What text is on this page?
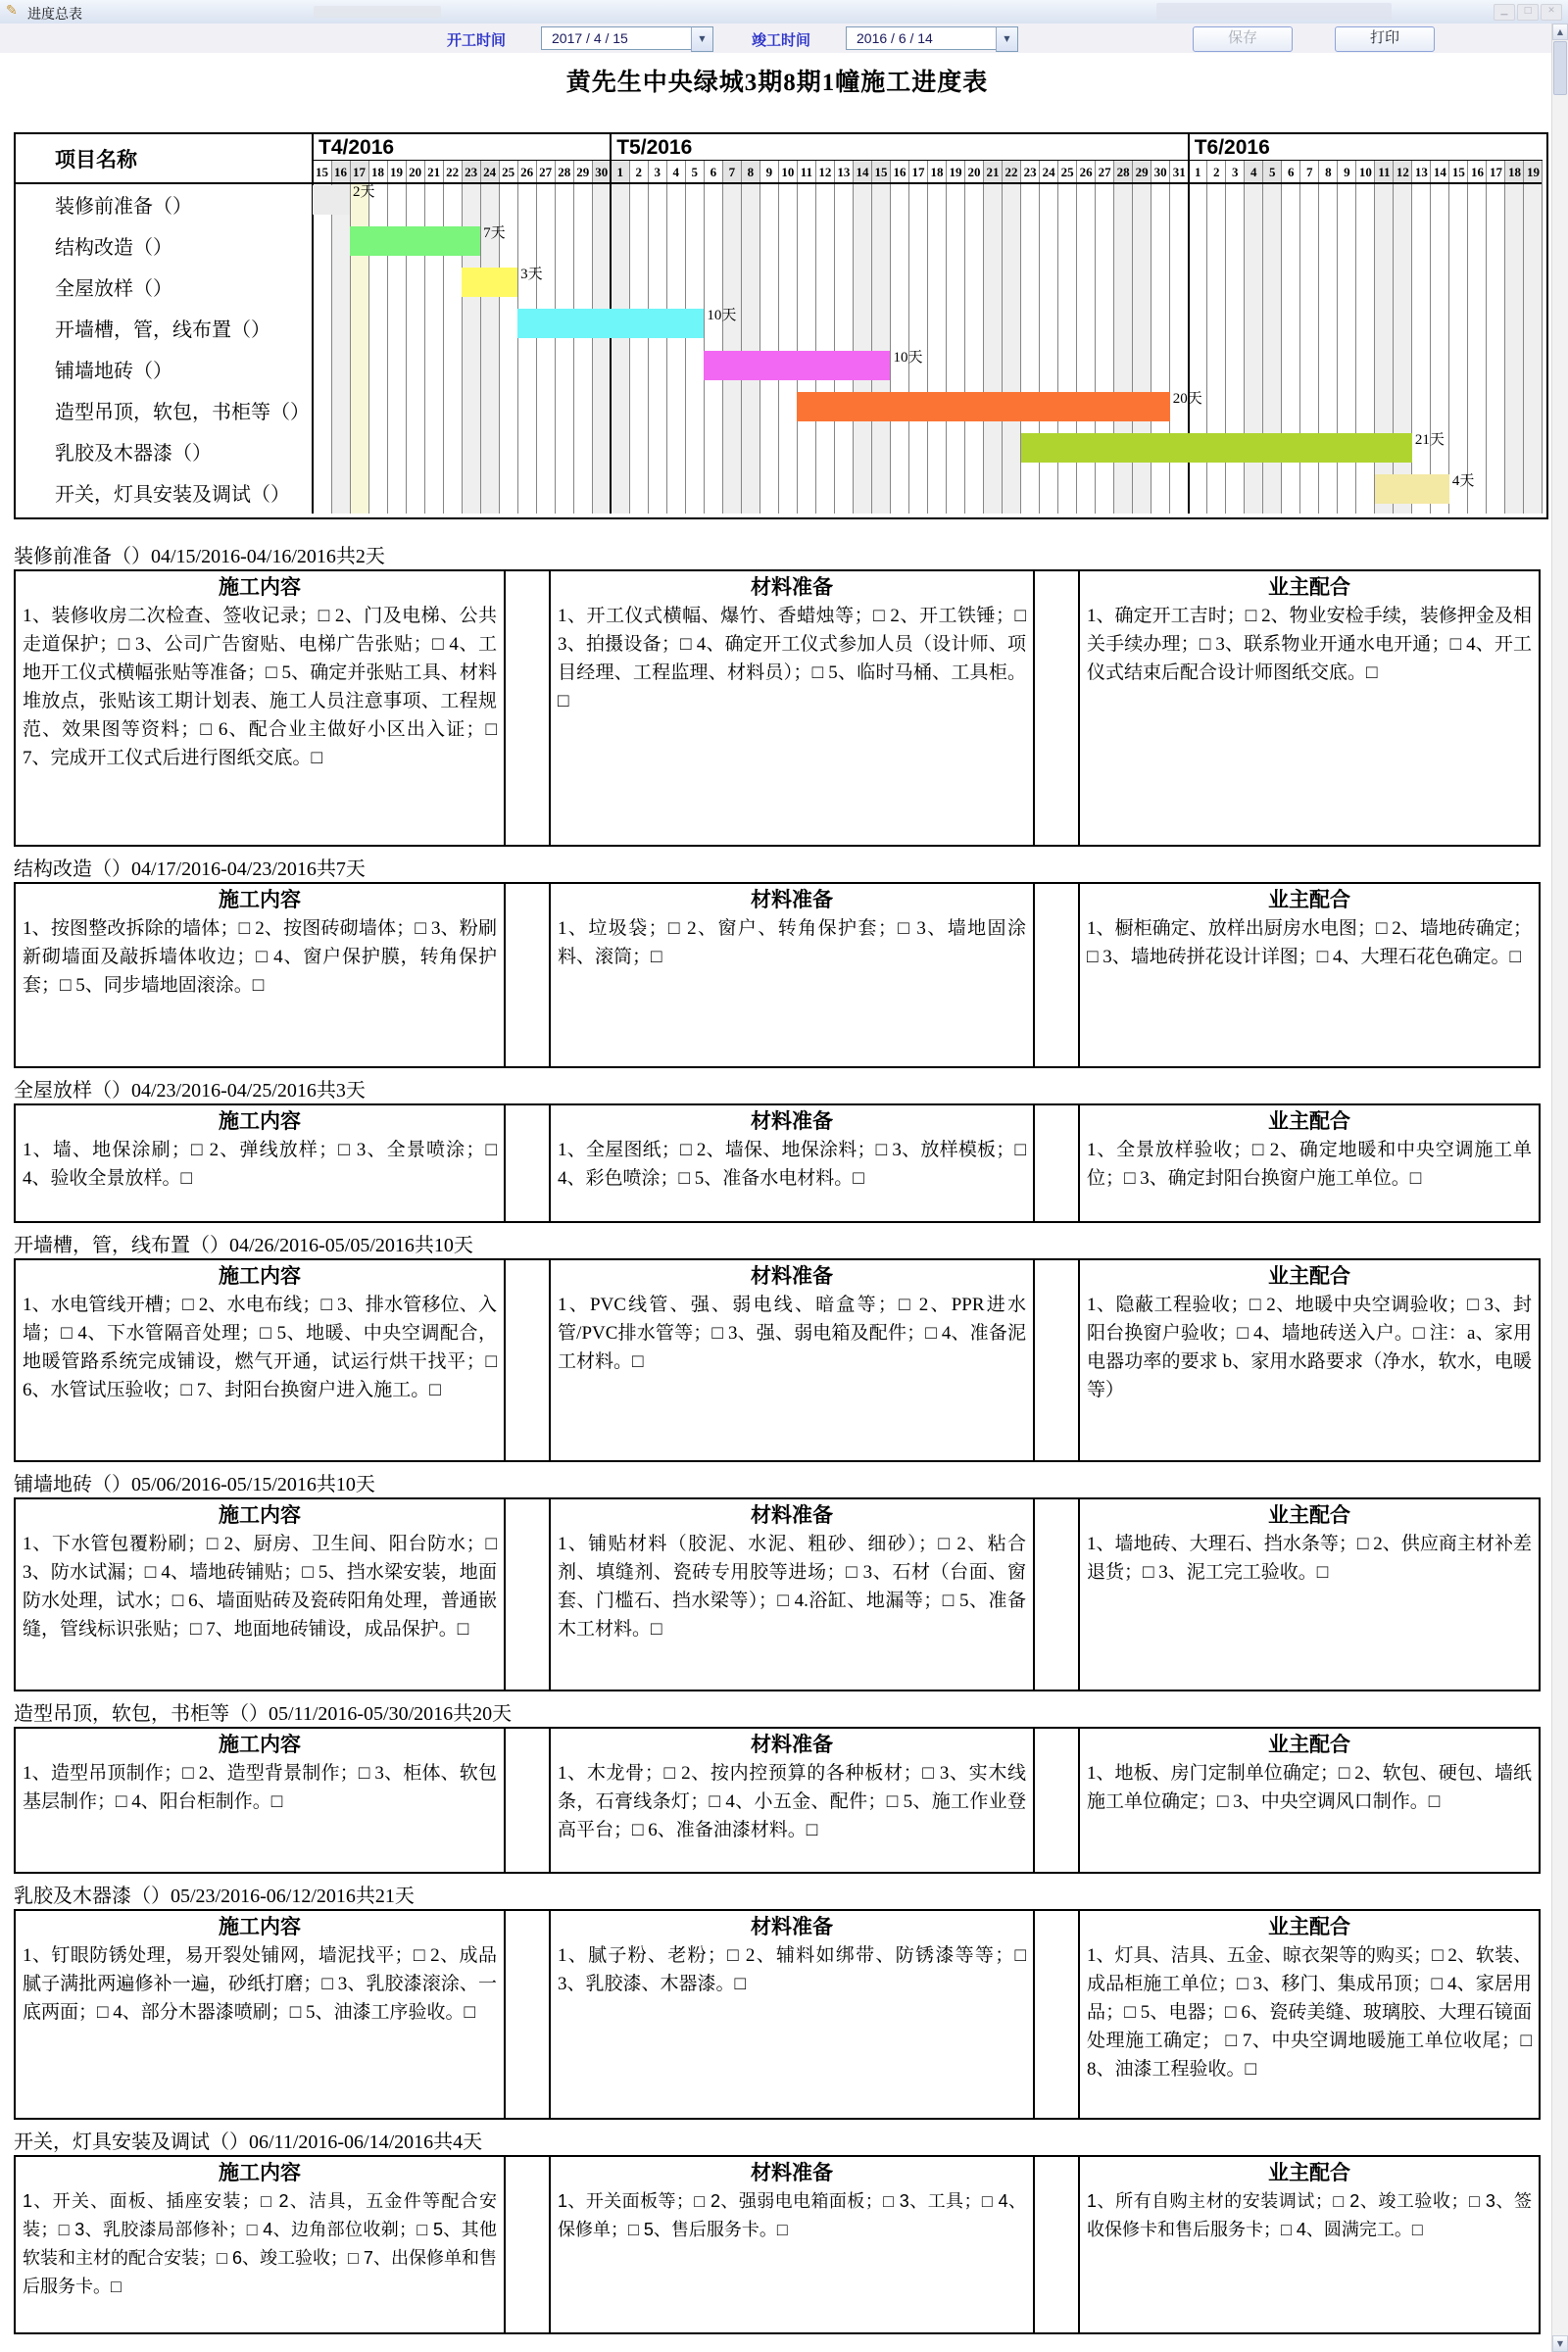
✎ 进度总表	▁	□	✕
开工时间	2017 / 4 / 15	▼	竣工时间	2016 / 6 / 14	▼	保存	打印
黄先生中央绿城3期8期1幢施工进度表
T4/2016
15 16 17 18 19 20 21 22 23 24 25 26 27 28 29 30
T5/2016
1 2 3 4 5 6 7 8 9 10 11 12 13 14 15 16 17 18 19 20 21 22 23 24 25 26 27 28 29 30 31
T6/2016
1 2 3 4 5 6 7 8 9 10 11 12 13 14 15 16 17 18 19
项目名称
装修前准备（）
2天
结构改造（）
7天
全屋放样（）
3天
开墙槽，管，线布置（）
10天
铺墙地砖（）
10天
造型吊顶，软包，书柜等（）
20天
乳胶及木器漆（）
21天
开关，灯具安装及调试（）
4天
装修前准备（）04/15/2016-04/16/2016共2天
施工内容
1、装修收房二次检查、签收记录；□ 2、门及电梯、公共走道保护；□ 3、公司广告窗贴、电梯广告张贴；□ 4、工地开工仪式横幅张贴等准备；□ 5、确定并张贴工具、材料堆放点，张贴该工期计划表、施工人员注意事项、工程规范、效果图等资料；□ 6、配合业主做好小区出入证；□ 7、完成开工仪式后进行图纸交底。□
材料准备
1、开工仪式横幅、爆竹、香蜡烛等；□ 2、开工铁锤；□ 3、拍摄设备；□ 4、确定开工仪式参加人员（设计师、项目经理、工程监理、材料员）；□ 5、临时马桶、工具柜。□
业主配合
1、确定开工吉时；□ 2、物业安检手续，装修押金及相关手续办理；□ 3、联系物业开通水电开通；□ 4、开工仪式结束后配合设计师图纸交底。□
结构改造（）04/17/2016-04/23/2016共7天
施工内容
1、按图整改拆除的墙体；□ 2、按图砖砌墙体；□ 3、粉刷新砌墙面及敲拆墙体收边；□ 4、窗户保护膜，转角保护套；□ 5、同步墙地固滚涂。□
材料准备
1、垃圾袋；□ 2、窗户、转角保护套；□ 3、墙地固涂料、滚筒；□
业主配合
1、橱柜确定、放样出厨房水电图；□ 2、墙地砖确定；□ 3、墙地砖拼花设计详图；□ 4、大理石花色确定。□
全屋放样（）04/23/2016-04/25/2016共3天
施工内容
1、墙、地保涂刷；□ 2、弹线放样；□ 3、全景喷涂；□ 4、验收全景放样。□
材料准备
1、全屋图纸；□ 2、墙保、地保涂料；□ 3、放样模板；□ 4、彩色喷涂；□ 5、准备水电材料。□
业主配合
1、全景放样验收；□ 2、确定地暖和中央空调施工单位；□ 3、确定封阳台换窗户施工单位。□
开墙槽，管，线布置（）04/26/2016-05/05/2016共10天
施工内容
1、水电管线开槽；□ 2、水电布线；□ 3、排水管移位、入墙；□ 4、下水管隔音处理；□ 5、地暖、中央空调配合，地暖管路系统完成铺设，燃气开通，试运行烘干找平；□ 6、水管试压验收；□ 7、封阳台换窗户进入施工。□
材料准备
1、PVC线管、强、弱电线、暗盒等；□ 2、PPR进水管/PVC排水管等；□ 3、强、弱电箱及配件；□ 4、准备泥工材料。□
业主配合
1、隐蔽工程验收；□ 2、地暖中央空调验收；□ 3、封阳台换窗户验收；□ 4、墙地砖送入户。□ 注：a、家用电器功率的要求 b、家用水路要求（净水，软水，电暖等）
铺墙地砖（）05/06/2016-05/15/2016共10天
施工内容
1、下水管包覆粉刷；□ 2、厨房、卫生间、阳台防水；□ 3、防水试漏；□ 4、墙地砖铺贴；□ 5、挡水梁安装，地面防水处理，试水；□ 6、墙面贴砖及瓷砖阳角处理，普通嵌缝，管线标识张贴；□ 7、地面地砖铺设，成品保护。□
材料准备
1、铺贴材料（胶泥、水泥、粗砂、细砂）；□ 2、粘合剂、填缝剂、瓷砖专用胶等进场；□ 3、石材（台面、窗套、门槛石、挡水梁等）；□ 4.浴缸、地漏等；□ 5、准备木工材料。□
业主配合
1、墙地砖、大理石、挡水条等；□ 2、供应商主材补差退货；□ 3、泥工完工验收。□
造型吊顶，软包，书柜等（）05/11/2016-05/30/2016共20天
施工内容
1、造型吊顶制作；□ 2、造型背景制作；□ 3、柜体、软包基层制作；□ 4、阳台柜制作。□
材料准备
1、木龙骨；□ 2、按内控预算的各种板材；□ 3、实木线条，石膏线条灯；□ 4、小五金、配件；□ 5、施工作业登高平台；□ 6、准备油漆材料。□
业主配合
1、地板、房门定制单位确定；□ 2、软包、硬包、墙纸施工单位确定；□ 3、中央空调风口制作。□
乳胶及木器漆（）05/23/2016-06/12/2016共21天
施工内容
1、钉眼防锈处理，易开裂处铺网，墙泥找平；□ 2、成品腻子满批两遍修补一遍，砂纸打磨；□ 3、乳胶漆滚涂、一底两面；□ 4、部分木器漆喷刷；□ 5、油漆工序验收。□
材料准备
1、腻子粉、老粉；□ 2、辅料如绑带、防锈漆等等；□ 3、乳胶漆、木器漆。□
业主配合
1、灯具、洁具、五金、晾衣架等的购买；□ 2、软装、成品柜施工单位；□ 3、移门、集成吊顶；□ 4、家居用品；□ 5、电器；□ 6、瓷砖美缝、玻璃胶、大理石镜面处理施工确定； □ 7、中央空调地暖施工单位收尾；□ 8、油漆工程验收。□
开关，灯具安装及调试（）06/11/2016-06/14/2016共4天
施工内容
1、开关、面板、插座安装；□ 2、洁具，五金件等配合安装；□ 3、乳胶漆局部修补；□ 4、边角部位收剃；□ 5、其他软装和主材的配合安装；□ 6、竣工验收；□ 7、出保修单和售后服务卡。□
材料准备
1、开关面板等；□ 2、强弱电电箱面板；□ 3、工具；□ 4、保修单；□ 5、售后服务卡。□
业主配合
1、所有自购主材的安装调试；□ 2、竣工验收；□ 3、签收保修卡和售后服务卡；□ 4、圆满完工。□
▲
▼
